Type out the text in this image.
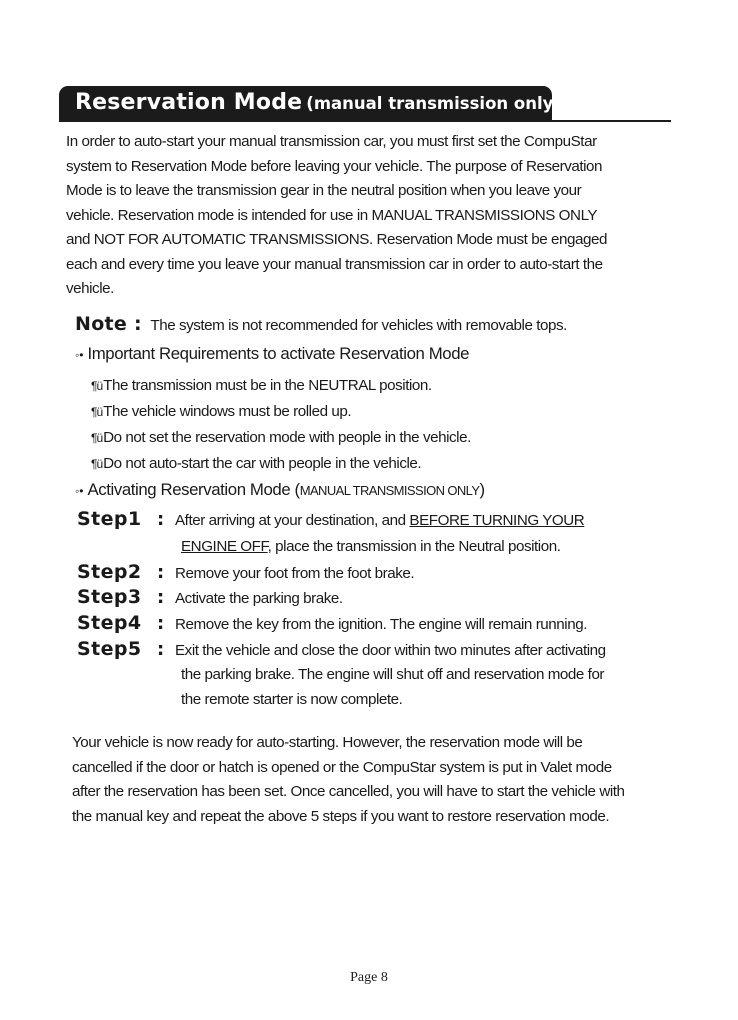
Reservation Mode (manual transmission only)
In order to auto-start your manual transmission car, you must first set the CompuStar
system to Reservation Mode before leaving your vehicle. The purpose of Reservation
Mode is to leave the transmission gear in the neutral position when you leave your
vehicle. Reservation mode is intended for use in MANUAL TRANSMISSIONS ONLY
and NOT FOR AUTOMATIC TRANSMISSIONS. Reservation Mode must be engaged
each and every time you leave your manual transmission car in order to auto-start the
vehicle.
Note : The system is not recommended for vehicles with removable tops.
◦• Important Requirements to activate Reservation Mode
¶üThe transmission must be in the NEUTRAL position.
¶üThe vehicle windows must be rolled up.
¶üDo not set the reservation mode with people in the vehicle.
¶üDo not auto-start the car with people in the vehicle.
◦• Activating Reservation Mode (MANUAL TRANSMISSION ONLY)
Step1 : After arriving at your destination, and BEFORE TURNING YOUR
ENGINE OFF, place the transmission in the Neutral position.
Step2 : Remove your foot from the foot brake.
Step3 : Activate the parking brake.
Step4 : Remove the key from the ignition. The engine will remain running.
Step5 : Exit the vehicle and close the door within two minutes after activating
the parking brake. The engine will shut off and reservation mode for
the remote starter is now complete.
Your vehicle is now ready for auto-starting. However, the reservation mode will be
cancelled if the door or hatch is opened or the CompuStar system is put in Valet mode
after the reservation has been set. Once cancelled, you will have to start the vehicle with
the manual key and repeat the above 5 steps if you want to restore reservation mode.
Page 8
